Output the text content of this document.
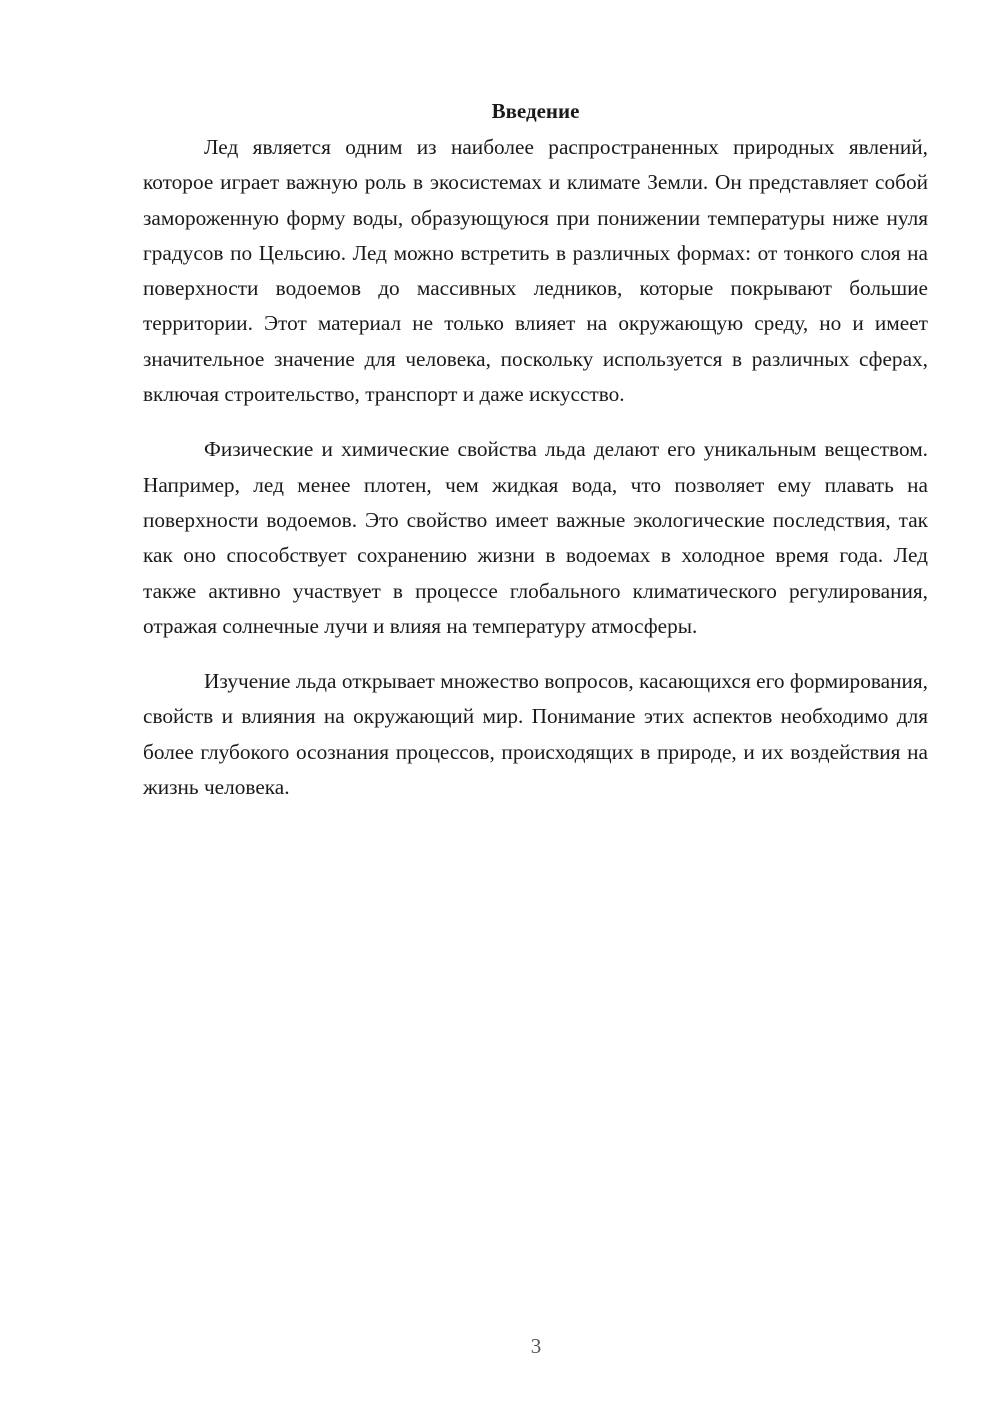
Введение

Лед является одним из наиболее распространенных природных явлений, которое играет важную роль в экосистемах и климате Земли. Он представляет собой замороженную форму воды, образующуюся при понижении температуры ниже нуля градусов по Цельсию. Лед можно встретить в различных формах: от тонкого слоя на поверхности водоемов до массивных ледников, которые покрывают большие территории. Этот материал не только влияет на окружающую среду, но и имеет значительное значение для человека, поскольку используется в различных сферах, включая строительство, транспорт и даже искусство.

Физические и химические свойства льда делают его уникальным веществом. Например, лед менее плотен, чем жидкая вода, что позволяет ему плавать на поверхности водоемов. Это свойство имеет важные экологические последствия, так как оно способствует сохранению жизни в водоемах в холодное время года. Лед также активно участвует в процессе глобального климатического регулирования, отражая солнечные лучи и влияя на температуру атмосферы.

Изучение льда открывает множество вопросов, касающихся его формирования, свойств и влияния на окружающий мир. Понимание этих аспектов необходимо для более глубокого осознания процессов, происходящих в природе, и их воздействия на жизнь человека.

3
